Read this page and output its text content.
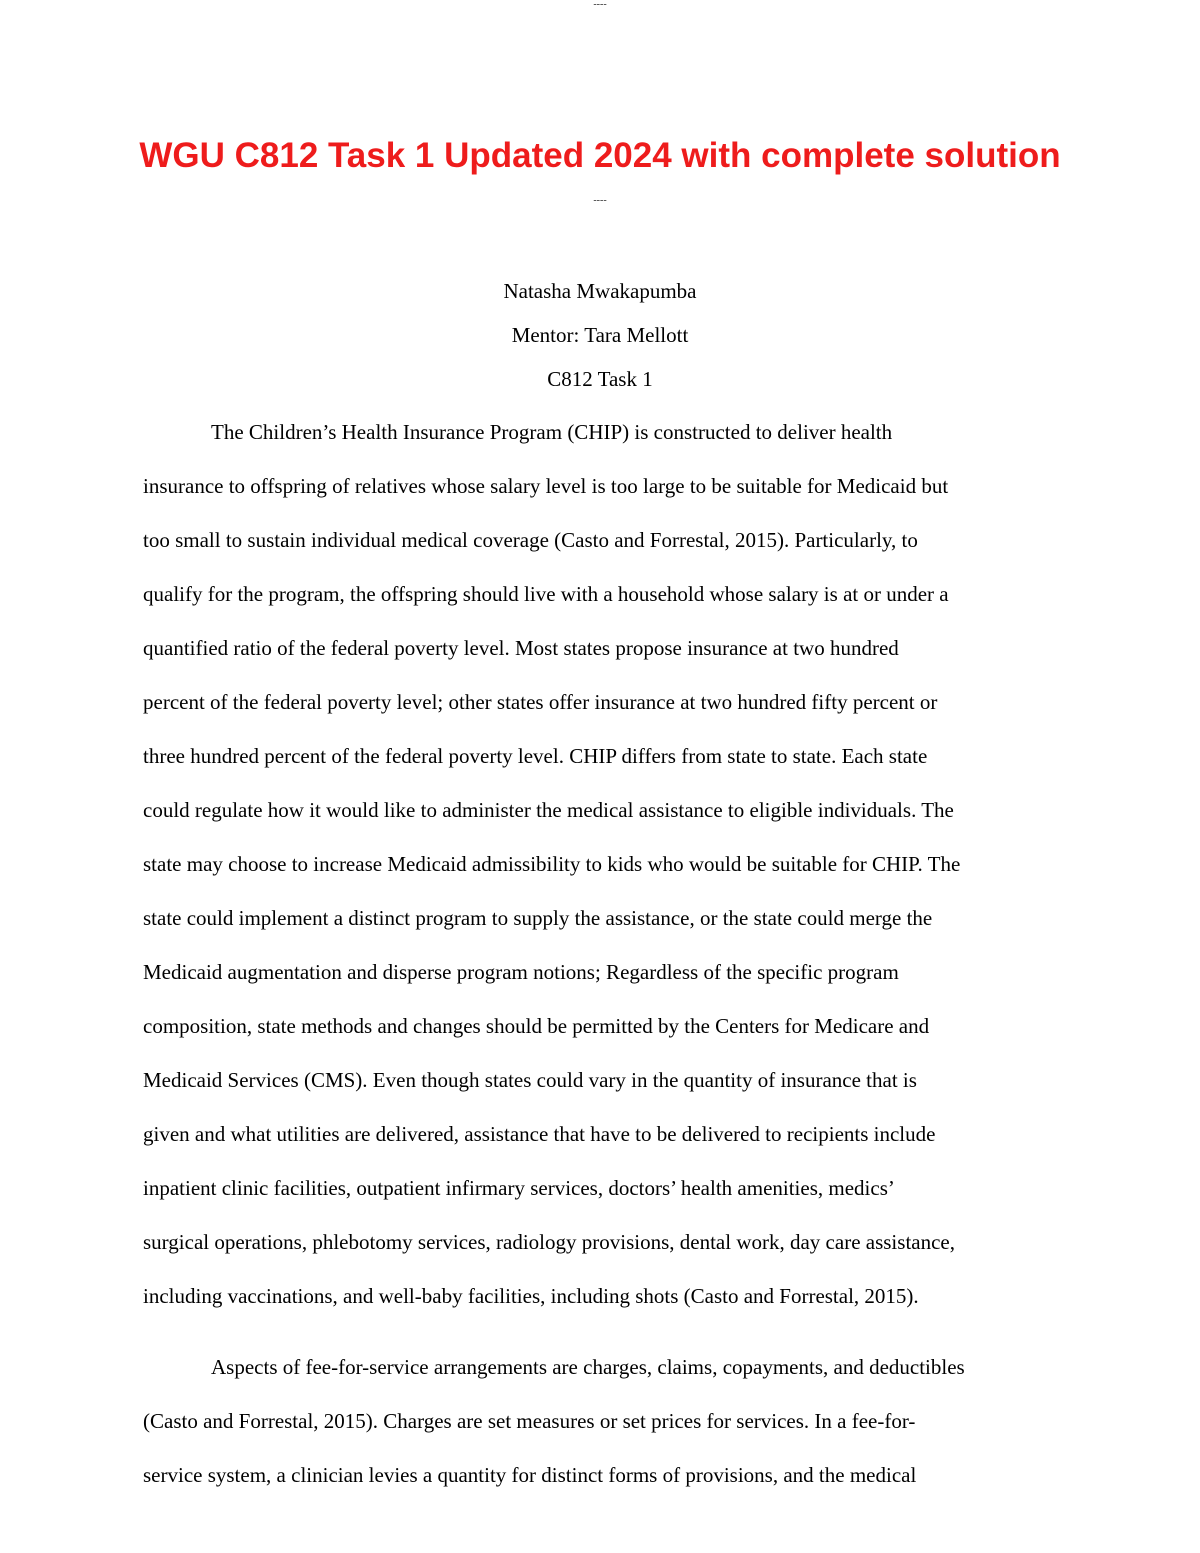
----
WGU C812 Task 1 Updated 2024 with complete solution
----
Natasha Mwakapumba
Mentor: Tara Mellott
C812 Task 1
The Children’s Health Insurance Program (CHIP) is constructed to deliver health
insurance to offspring of relatives whose salary level is too large to be suitable for Medicaid but
too small to sustain individual medical coverage (Casto and Forrestal, 2015). Particularly, to
qualify for the program, the offspring should live with a household whose salary is at or under a
quantified ratio of the federal poverty level. Most states propose insurance at two hundred
percent of the federal poverty level; other states offer insurance at two hundred fifty percent or
three hundred percent of the federal poverty level. CHIP differs from state to state. Each state
could regulate how it would like to administer the medical assistance to eligible individuals. The
state may choose to increase Medicaid admissibility to kids who would be suitable for CHIP. The
state could implement a distinct program to supply the assistance, or the state could merge the
Medicaid augmentation and disperse program notions; Regardless of the specific program
composition, state methods and changes should be permitted by the Centers for Medicare and
Medicaid Services (CMS). Even though states could vary in the quantity of insurance that is
given and what utilities are delivered, assistance that have to be delivered to recipients include
inpatient clinic facilities, outpatient infirmary services, doctors’ health amenities, medics’
surgical operations, phlebotomy services, radiology provisions, dental work, day care assistance,
including vaccinations, and well-baby facilities, including shots (Casto and Forrestal, 2015).
Aspects of fee-for-service arrangements are charges, claims, copayments, and deductibles
(Casto and Forrestal, 2015). Charges are set measures or set prices for services. In a fee-for-
service system, a clinician levies a quantity for distinct forms of provisions, and the medical
